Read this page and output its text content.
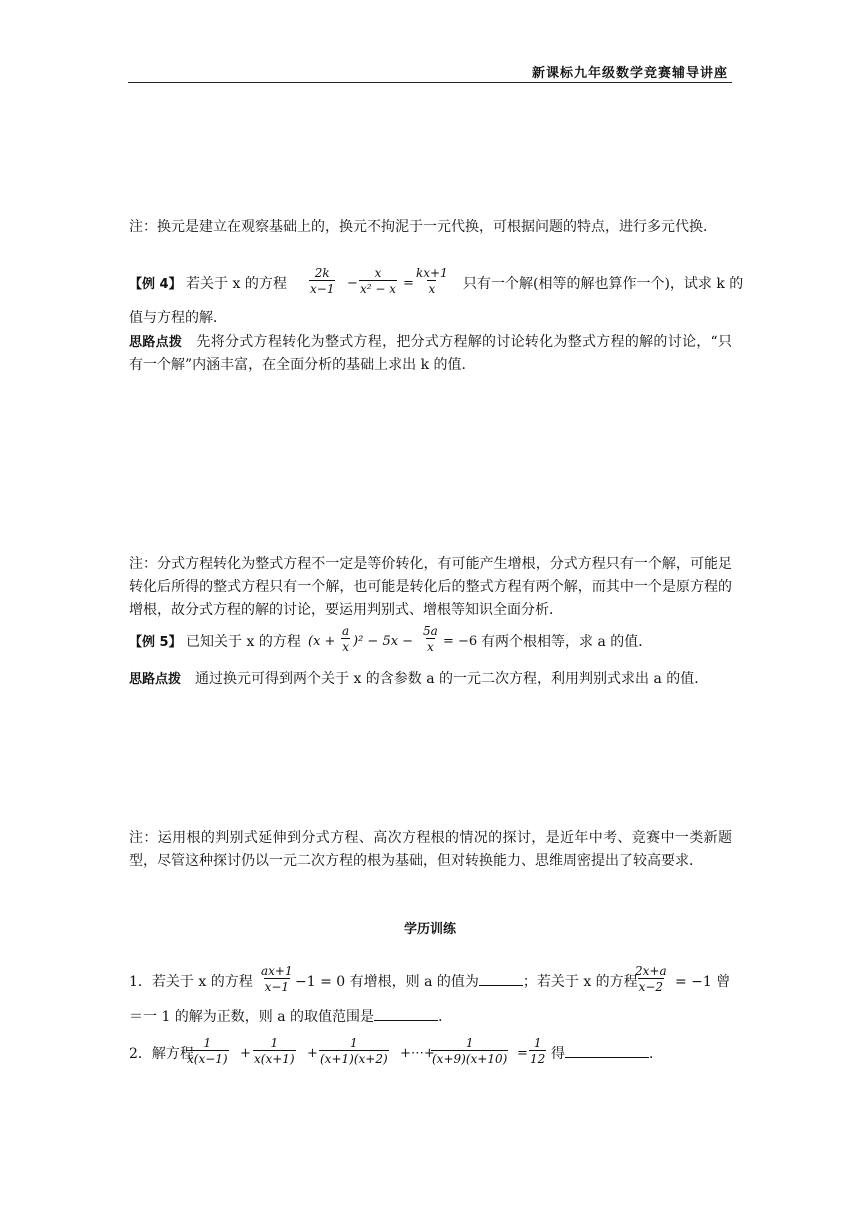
新课标九年级数学竞赛辅导讲座
注：换元是建立在观察基础上的，换元不拘泥于一元代换，可根据问题的特点，进行多元代换．
【例 4】 若关于 x 的方程 $\frac{2k}{x-1} - \frac{x}{\text{x² − x}} = \frac{kx+1}{x}$ 只有一个解(相等的解也算作一个)，试求 k 的
值与方程的解．
思路点拨　先将分式方程转化为整式方程，把分式方程解的讨论转化为整式方程的解的讨论，“只有一个解”内涵丰富，在全面分析的基础上求出 k 的值．
注：分式方程转化为整式方程不一定是等价转化，有可能产生增根，分式方程只有一个解，可能足转化后所得的整式方程只有一个解，也可能是转化后的整式方程有两个解，而其中一个是原方程的增根，故分式方程的解的讨论，要运用判别式、增根等知识全面分析．
【例 5】 已知关于 x 的方程 $(x + \frac{a}{x} )^2 - 5x - \frac{5a}{x} = -6$ 有两个根相等，求 a 的值．
思路点拨　通过换元可得到两个关于 x 的含参数 a 的一元二次方程，利用判别式求出 a 的值．
注：运用根的判别式延伸到分式方程、高次方程根的情况的探讨，是近年中考、竞赛中一类新题型，尽管这种探讨仍以一元二次方程的根为基础，但对转换能力、思维周密提出了较高要求．
学历训练
1．若关于 x 的方程 $\frac{ax+1}{x-1} -1 = 0$ 有增根，则 a 的值为	；若关于 x 的方程
$\frac{2x+a}{x-2} = -1$ 曾
＝一 1 的解为正数，则 a 的取值范围是	．
2．解方程
$\frac{1}{x(x-1)} + \frac{1}{x(x+1)} + \frac{1}{(x+1)(x+2)}$ +⋯+
$\frac{1}{(x+9)(x+10)} = \frac{1}{12}$ 得	．
